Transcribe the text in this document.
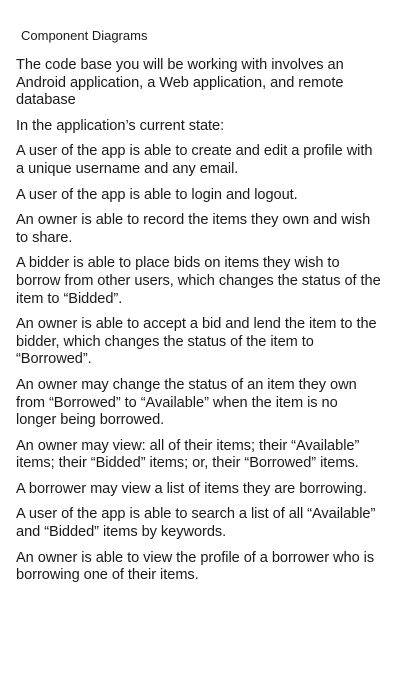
Component Diagrams

The code base you will be working with involves an Android application, a Web application, and remote database

In the application’s current state:

A user of the app is able to create and edit a profile with a unique username and any email.

A user of the app is able to login and logout.

An owner is able to record the items they own and wish to share.

A bidder is able to place bids on items they wish to borrow from other users, which changes the status of the item to “Bidded”.

An owner is able to accept a bid and lend the item to the bidder, which changes the status of the item to “Borrowed”.

An owner may change the status of an item they own from “Borrowed” to “Available” when the item is no longer being borrowed.

An owner may view: all of their items; their “Available” items; their “Bidded” items; or, their “Borrowed” items.

A borrower may view a list of items they are borrowing.

A user of the app is able to search a list of all “Available” and “Bidded” items by keywords.

An owner is able to view the profile of a borrower who is borrowing one of their items.
